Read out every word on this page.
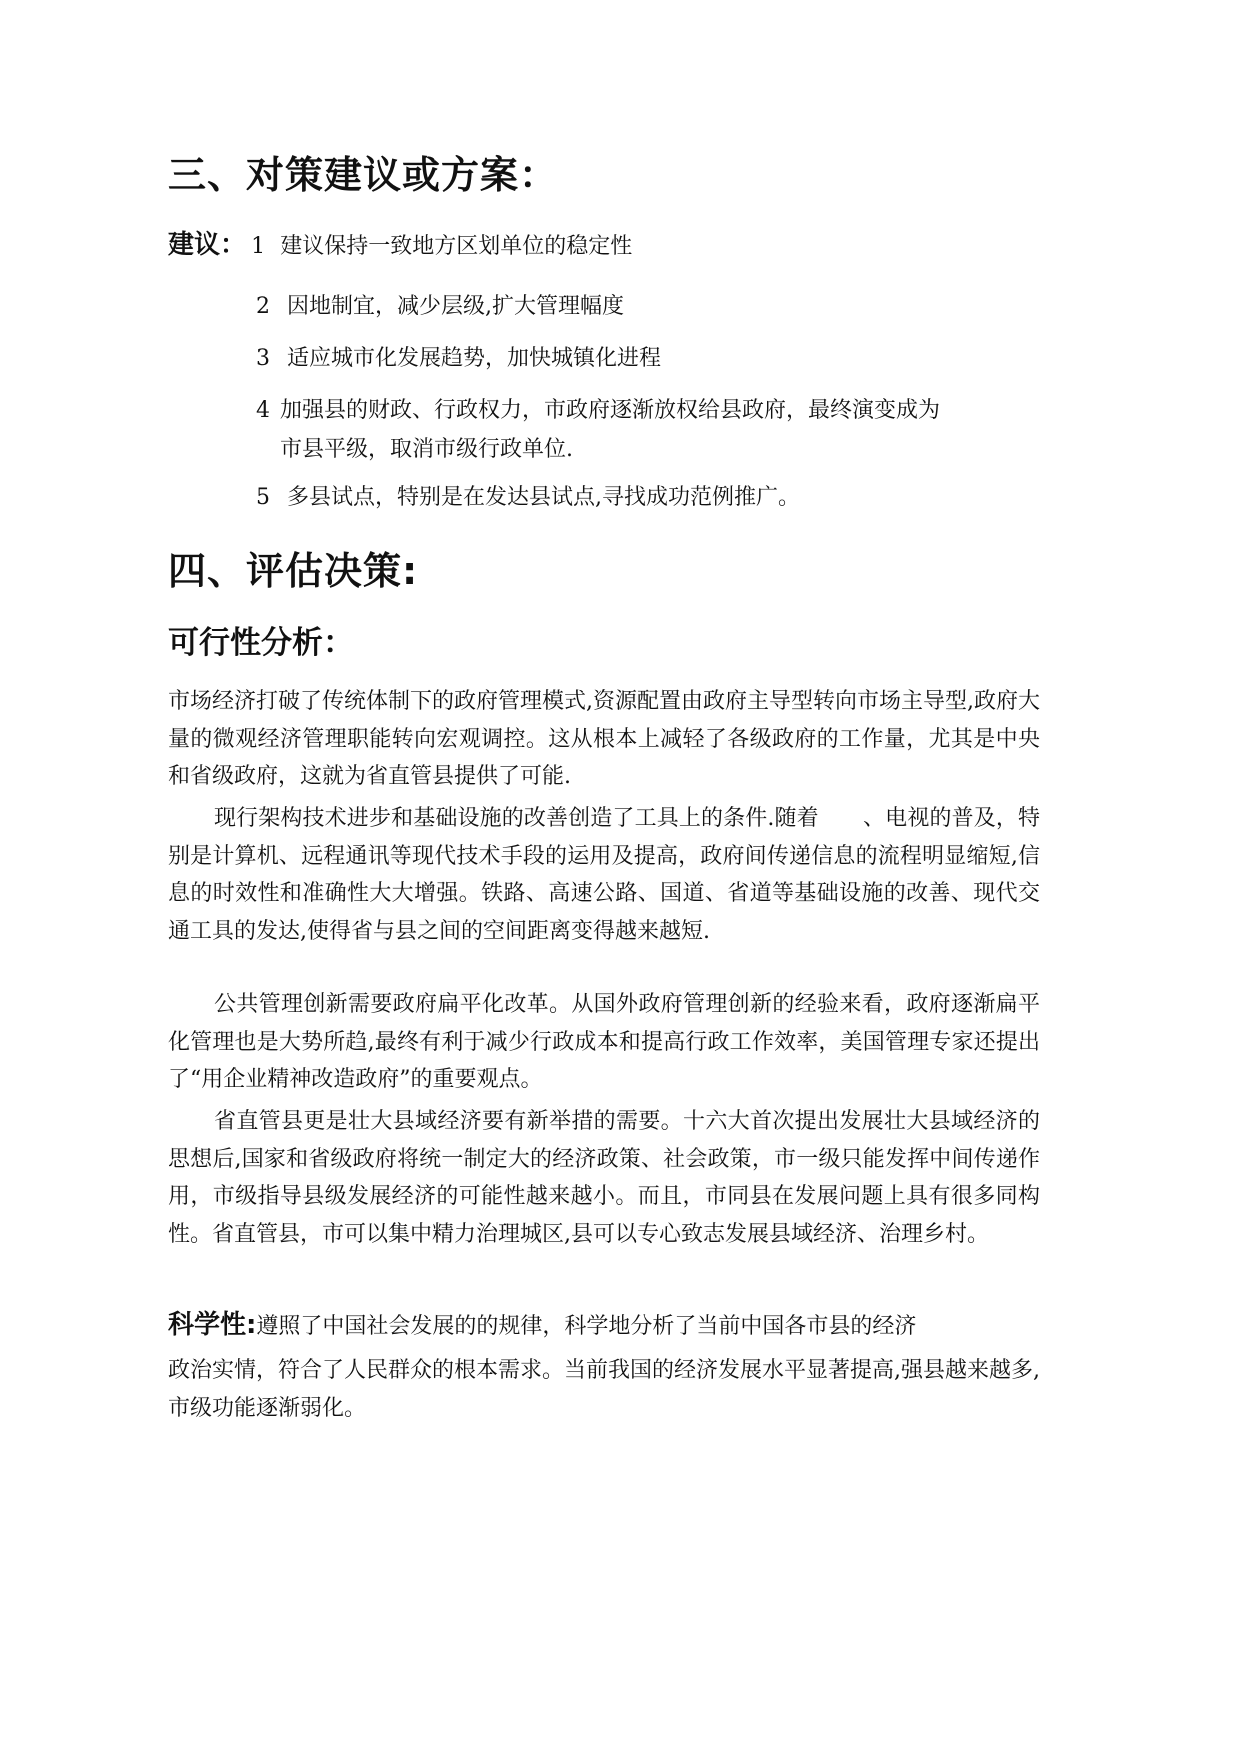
三、对策建议或方案：
建议： 1 建议保持一致地方区划单位的稳定性
2 因地制宜，减少层级,扩大管理幅度
3 适应城市化发展趋势，加快城镇化进程
4 加强县的财政、行政权力，市政府逐渐放权给县政府，最终演变成为
市县平级，取消市级行政单位.
5 多县试点，特别是在发达县试点,寻找成功范例推广。
四、评估决策:
可行性分析：

市场经济打破了传统体制下的政府管理模式,资源配置由政府主导型转向市场主导型,政府大量的微观经济管理职能转向宏观调控。这从根本上减轻了各级政府的工作量，尤其是中央和省级政府，这就为省直管县提供了可能.

现行架构技术进步和基础设施的改善创造了工具上的条件.随着　　、电视的普及，特别是计算机、远程通讯等现代技术手段的运用及提高，政府间传递信息的流程明显缩短,信息的时效性和准确性大大增强。铁路、高速公路、国道、省道等基础设施的改善、现代交通工具的发达,使得省与县之间的空间距离变得越来越短.

公共管理创新需要政府扁平化改革。从国外政府管理创新的经验来看，政府逐渐扁平化管理也是大势所趋,最终有利于减少行政成本和提高行政工作效率，美国管理专家还提出了“用企业精神改造政府”的重要观点。

省直管县更是壮大县域经济要有新举措的需要。十六大首次提出发展壮大县域经济的思想后,国家和省级政府将统一制定大的经济政策、社会政策，市一级只能发挥中间传递作用，市级指导县级发展经济的可能性越来越小。而且，市同县在发展问题上具有很多同构性。省直管县，市可以集中精力治理城区,县可以专心致志发展县域经济、治理乡村。

科学性:遵照了中国社会发展的的规律，科学地分析了当前中国各市县的经济

政治实情，符合了人民群众的根本需求。当前我国的经济发展水平显著提高,强县越来越多,市级功能逐渐弱化。
